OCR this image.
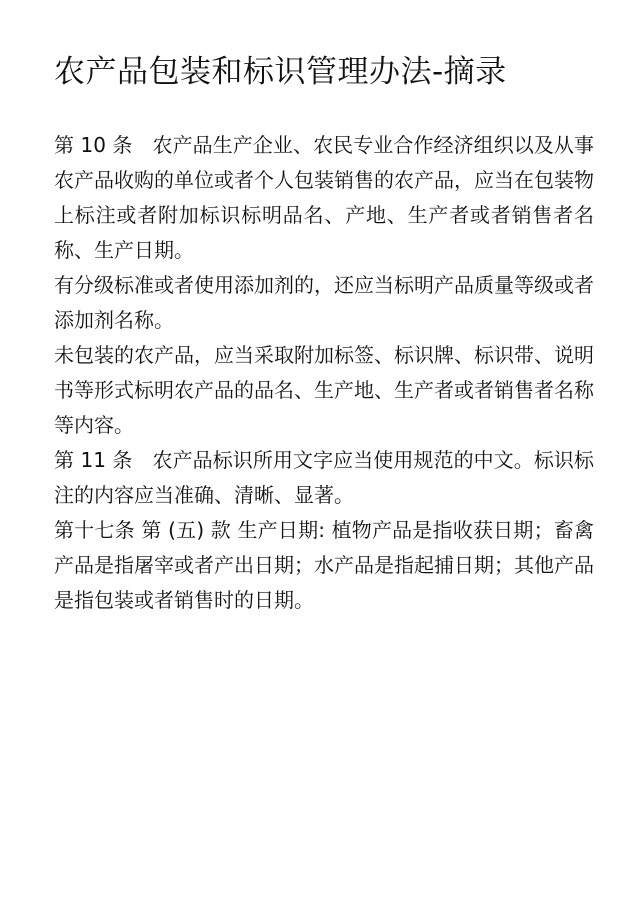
农产品包装和标识管理办法-摘录

第 10 条　农产品生产企业、农民专业合作经济组织以及从事农产品收购的单位或者个人包装销售的农产品，应当在包装物上标注或者附加标识标明品名、产地、生产者或者销售者名称、生产日期。

有分级标准或者使用添加剂的，还应当标明产品质量等级或者添加剂名称。

未包装的农产品，应当采取附加标签、标识牌、标识带、说明书等形式标明农产品的品名、生产地、生产者或者销售者名称等内容。

第 11 条　农产品标识所用文字应当使用规范的中文。标识标注的内容应当准确、清晰、显著。

第十七条 第 (五) 款 生产日期: 植物产品是指收获日期；畜禽产品是指屠宰或者产出日期；水产品是指起捕日期；其他产品是指包装或者销售时的日期。
